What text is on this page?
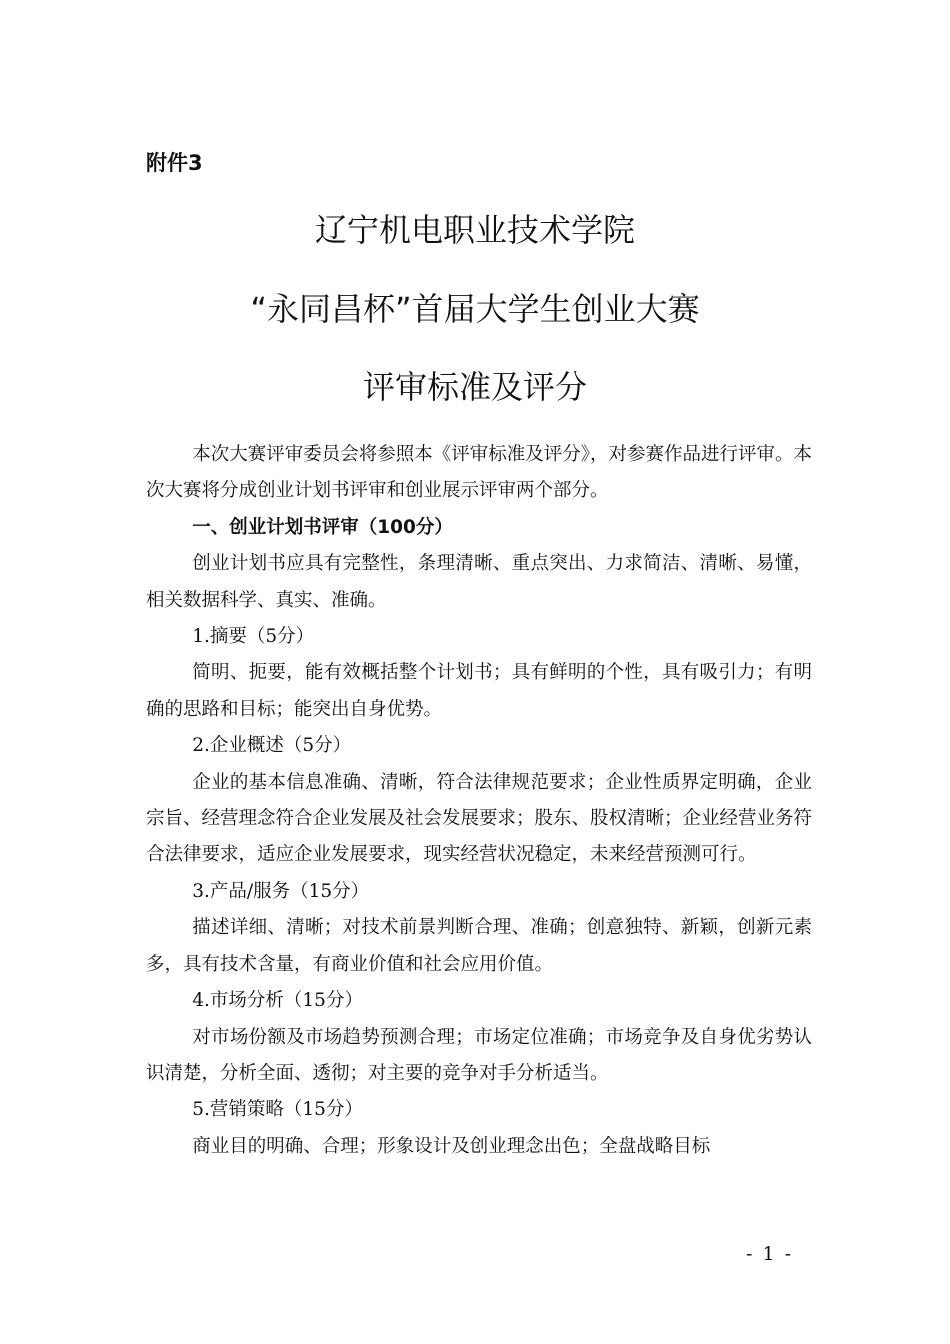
附件3
辽宁机电职业技术学院
“永同昌杯”首届大学生创业大赛
评审标准及评分

本次大赛评审委员会将参照本《评审标准及评分》，对参赛作品进行评审。本次大赛将分成创业计划书评审和创业展示评审两个部分。

一、创业计划书评审（100分）

创业计划书应具有完整性，条理清晰、重点突出、力求简洁、清晰、易懂，相关数据科学、真实、准确。

1.摘要（5分）

简明、扼要，能有效概括整个计划书；具有鲜明的个性，具有吸引力；有明确的思路和目标；能突出自身优势。

2.企业概述（5分）

企业的基本信息准确、清晰，符合法律规范要求；企业性质界定明确，企业宗旨、经营理念符合企业发展及社会发展要求；股东、股权清晰；企业经营业务符合法律要求，适应企业发展要求，现实经营状况稳定，未来经营预测可行。

3.产品/服务（15分）

描述详细、清晰；对技术前景判断合理、准确；创意独特、新颖，创新元素多，具有技术含量，有商业价值和社会应用价值。

4.市场分析（15分）

对市场份额及市场趋势预测合理；市场定位准确；市场竞争及自身优劣势认识清楚，分析全面、透彻；对主要的竞争对手分析适当。

5.营销策略（15分）

商业目的明确、合理；形象设计及创业理念出色；全盘战略目标

- 1 -
